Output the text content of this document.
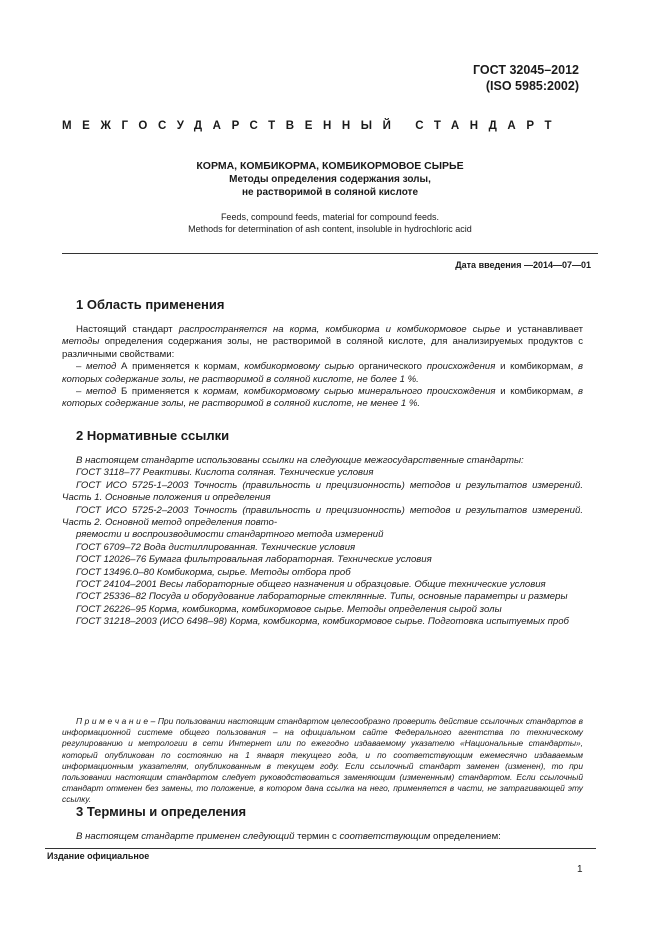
ГОСТ 32045–2012
(ISO 5985:2002)
МЕЖГОСУДАРСТВЕННЫЙ СТАНДАРТ
КОРМА, КОМБИКОРМА, КОМБИКОРМОВОЕ СЫРЬЕ
Методы определения содержания золы,
не растворимой в соляной кислоте
Feeds, compound feeds, material for compound feeds.
Methods for determination of ash content, insoluble in hydrochloric acid
Дата введения —2014—07—01
1 Область применения

Настоящий стандарт распространяется на корма, комбикорма и комбикормовое сырье и устанавливает методы определения содержания золы, не растворимой в соляной кислоте, для анализируемых продуктов с различными свойствами:

– метод А применяется к кормам, комбикормовому сырью органического происхождения и комбикормам, в которых содержание золы, не растворимой в соляной кислоте, не более 1 %.

– метод Б применяется к кормам, комбикормовому сырью минерального происхождения и комбикормам, в которых содержание золы, не растворимой в соляной кислоте, не менее 1 %.

2 Нормативные ссылки

В настоящем стандарте использованы ссылки на следующие межгосударственные стандарты:

ГОСТ 3118–77 Реактивы. Кислота соляная. Технические условия

ГОСТ ИСО 5725-1–2003 Точность (правильность и прецизионность) методов и результатов измерений. Часть 1. Основные положения и определения

ГОСТ ИСО 5725-2–2003 Точность (правильность и прецизионность) методов и результатов измерений. Часть 2. Основной метод определения повто-

ряемости и воспроизводимости стандартного метода измерений

ГОСТ 6709–72 Вода дистиллированная. Технические условия

ГОСТ 12026–76 Бумага фильтровальная лабораторная. Технические условия

ГОСТ 13496.0–80 Комбикорма, сырье. Методы отбора проб

ГОСТ 24104–2001 Весы лабораторные общего назначения и образцовые. Общие технические условия

ГОСТ 25336–82 Посуда и оборудование лабораторные стеклянные. Типы, основные параметры и размеры

ГОСТ 26226–95 Корма, комбикорма, комбикормовое сырье. Методы определения сырой золы

ГОСТ 31218–2003 (ИСО 6498–98) Корма, комбикорма, комбикормовое сырье. Подготовка испытуемых проб

П р и м е ч а н и е – При пользовании настоящим стандартом целесообразно проверить действие ссылочных стандартов в информационной системе общего пользования – на официальном сайте Федерального агентства по техническому регулированию и метрологии в сети Интернет или по ежегодно издаваемому указателю «Национальные стандарты», который опубликован по состоянию на 1 января текущего года, и по соответствующим ежемесячно издаваемым информационным указателям, опубликованным в текущем году. Если ссылочный стандарт заменен (изменен), то при пользовании настоящим стандартом следует руководствоваться заменяющим (измененным) стандартом. Если ссылочный стандарт отменен без замены, то положение, в котором дана ссылка на него, применяется в части, не затрагивающей эту ссылку.

3 Термины и определения

В настоящем стандарте применен следующий термин с соответствующим определением:

Издание официальное
1
